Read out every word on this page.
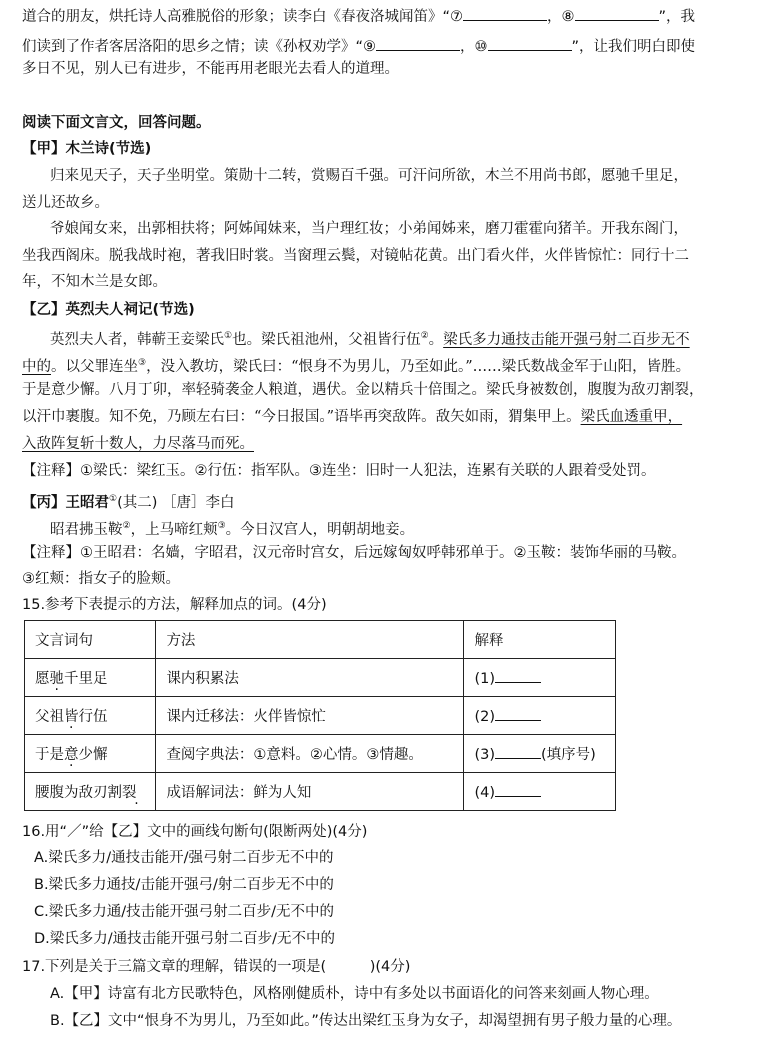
道合的朋友，烘托诗人高雅脱俗的形象；读李白《春夜洛城闻笛》“⑦	，⑧	”，我
们读到了作者客居洛阳的思乡之情；读《孙权劝学》“⑨	，⑩	”，让我们明白即使
多日不见，别人已有进步，不能再用老眼光去看人的道理。
阅读下面文言文，回答问题。
【甲】木兰诗(节选)
归来见天子，天子坐明堂。策勋十二转，赏赐百千强。可汗问所欲，木兰不用尚书郎，愿驰千里足，
送儿还故乡。
爷娘闻女来，出郭相扶将；阿姊闻妹来，当户理红妆；小弟闻姊来，磨刀霍霍向猪羊。开我东阁门，
坐我西阁床。脱我战时袍，著我旧时裳。当窗理云鬓，对镜帖花黄。出门看火伴，火伴皆惊忙：同行十二
年，不知木兰是女郎。
【乙】英烈夫人祠记(节选)
英烈夫人者，韩蕲王妾梁氏①也。梁氏祖池州，父祖皆行伍②。梁氏多力通技击能开强弓射二百步无不
中的。以父罪连坐③，没入教坊，梁氏曰：“恨身不为男儿，乃至如此。”……梁氏数战金军于山阳，皆胜。
于是意少懈。八月丁卯，率轻骑袭金人粮道，遇伏。金以精兵十倍围之。梁氏身被数创，腹腹为敌刃割裂，
以汗巾裹腹。知不免，乃顾左右曰：“今日报国。”语毕再突敌阵。敌矢如雨，猬集甲上。梁氏血透重甲，
入敌阵复斩十数人，力尽落马而死。
【注释】①梁氏：梁红玉。②行伍：指军队。③连坐：旧时一人犯法，连累有关联的人跟着受处罚。
【丙】王昭君①(其二) ［唐］李白
昭君拂玉鞍②，上马啼红颊③。今日汉宫人，明朝胡地妾。
【注释】①王昭君：名嫱，字昭君，汉元帝时宫女，后远嫁匈奴呼韩邪单于。②玉鞍：装饰华丽的马鞍。
③红颊：指女子的脸颊。
15.参考下表提示的方法，解释加点的词。(4分)
文言词句	方法	解释
愿驰千里足	课内积累法	(1)
父祖皆行伍	课内迁移法：火伴皆惊忙	(2)
于是意少懈	查阅字典法：①意料。②心情。③情趣。	(3) (填序号)
腰腹为敌刃割裂	成语解词法：鲜为人知	(4)
16.用“／”给【乙】文中的画线句断句(限断两处)(4分)
A.梁氏多力/通技击能开/强弓射二百步无不中的
B.梁氏多力通技/击能开强弓/射二百步无不中的
C.梁氏多力通/技击能开强弓射二百步/无不中的
D.梁氏多力/通技击能开强弓射二百步/无不中的
17.下列是关于三篇文章的理解，错误的一项是(　　　)(4分)
A.【甲】诗富有北方民歌特色，风格刚健质朴，诗中有多处以书面语化的问答来刻画人物心理。
B.【乙】文中“恨身不为男儿，乃至如此。”传达出梁红玉身为女子，却渴望拥有男子般力量的心理。
